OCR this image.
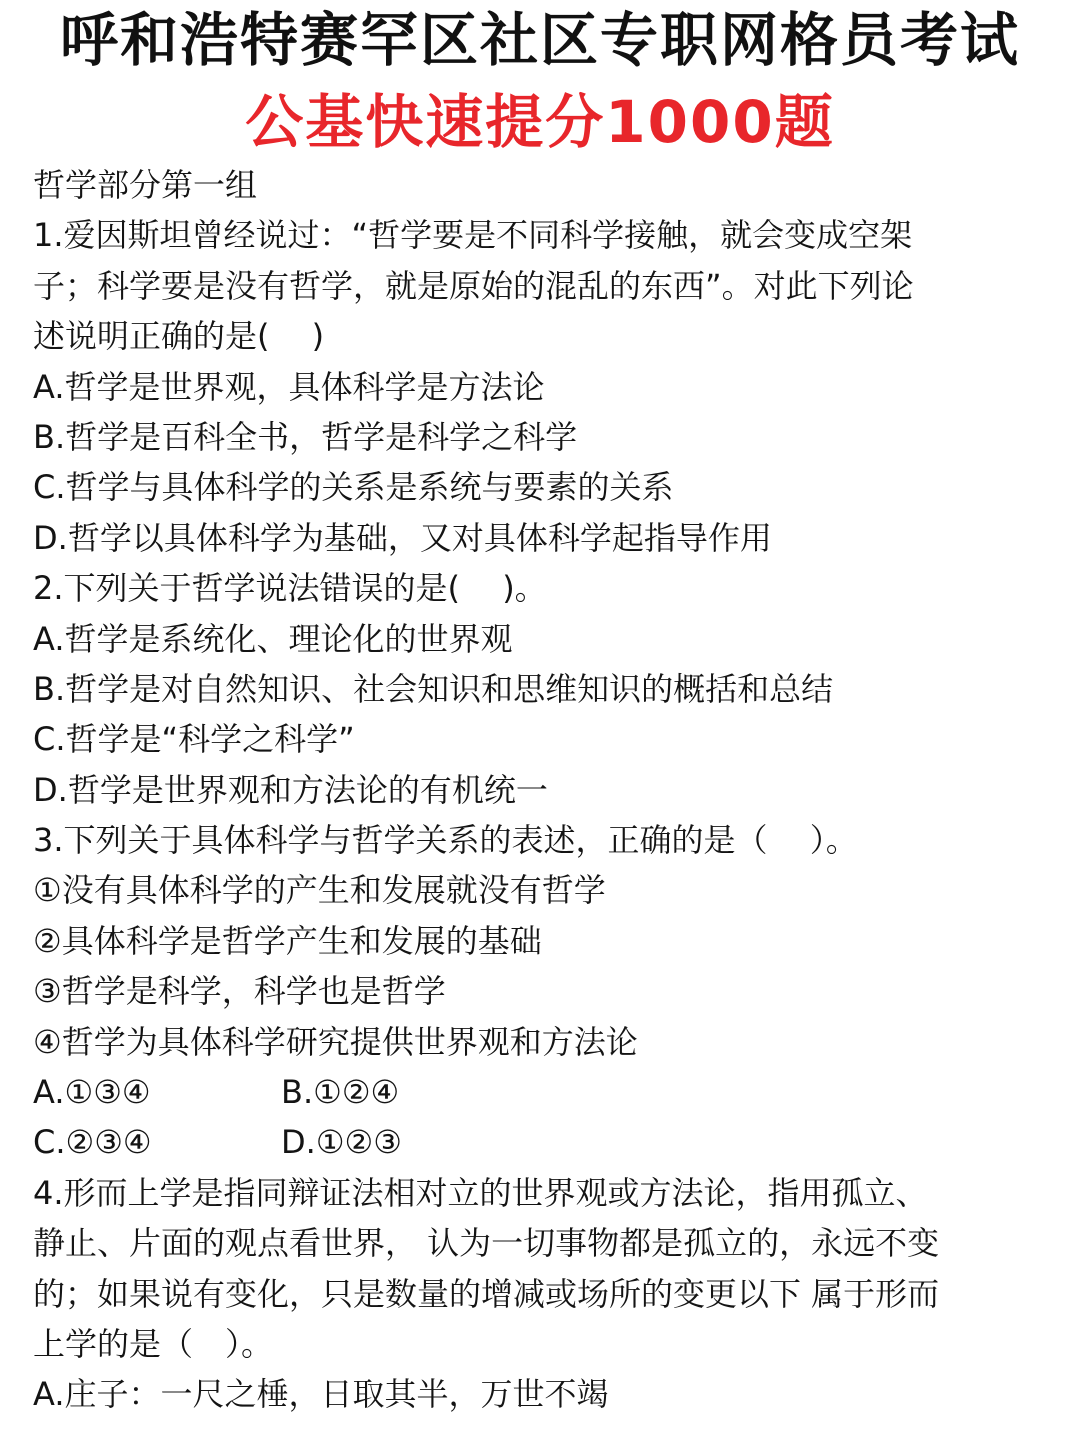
呼和浩特赛罕区社区专职网格员考试
公基快速提分1000题
哲学部分第一组
1.爱因斯坦曾经说过：“哲学要是不同科学接触，就会变成空架
子；科学要是没有哲学，就是原始的混乱的东西”。对此下列论
述说明正确的是(　 )
A.哲学是世界观，具体科学是方法论
B.哲学是百科全书，哲学是科学之科学
C.哲学与具体科学的关系是系统与要素的关系
D.哲学以具体科学为基础，又对具体科学起指导作用
2.下列关于哲学说法错误的是(　 )。
A.哲学是系统化、理论化的世界观
B.哲学是对自然知识、社会知识和思维知识的概括和总结
C.哲学是“科学之科学”
D.哲学是世界观和方法论的有机统一
3.下列关于具体科学与哲学关系的表述，正确的是（　 ）。
①没有具体科学的产生和发展就没有哲学
②具体科学是哲学产生和发展的基础
③哲学是科学，科学也是哲学
④哲学为具体科学研究提供世界观和方法论
A.①③④	B.①②④
C.②③④	D.①②③
4.形而上学是指同辩证法相对立的世界观或方法论，指用孤立、
静止、片面的观点看世界， 认为一切事物都是孤立的，永远不变
的；如果说有变化，只是数量的增减或场所的变更以下 属于形而
上学的是（　）。
A.庄子：一尺之棰，日取其半，万世不竭
